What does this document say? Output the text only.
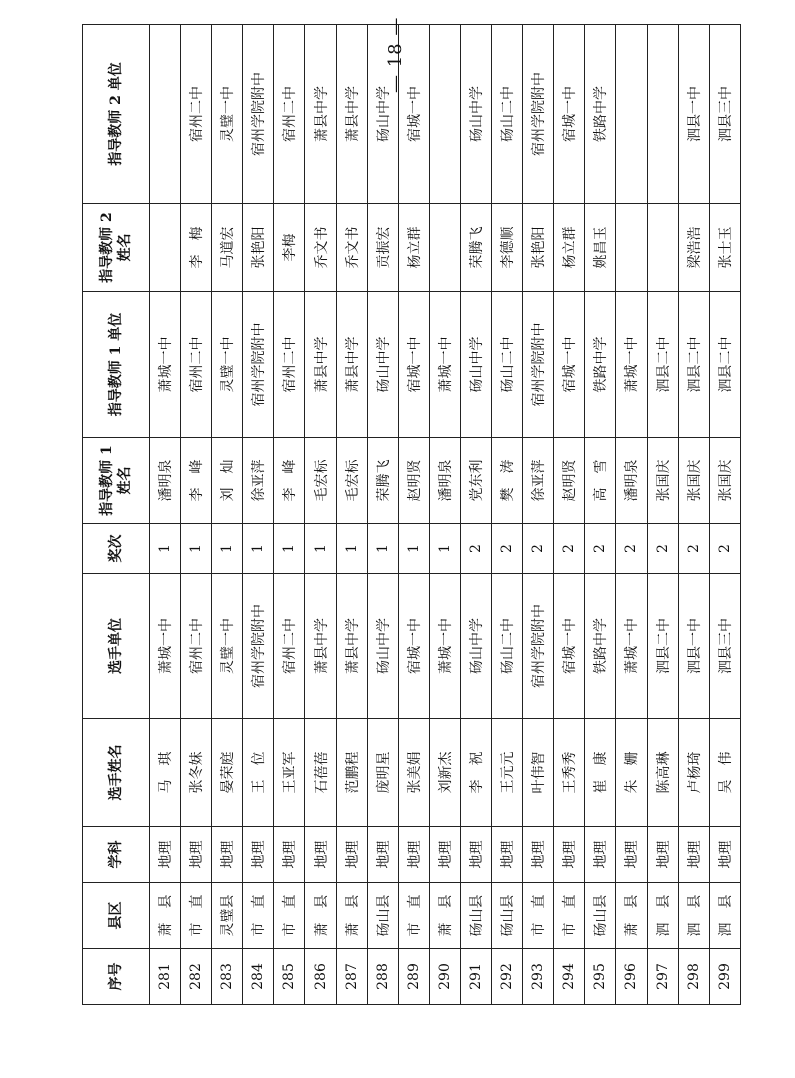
序号	县区	学科	选手姓名	选手单位	奖次	指导教师 1 姓名	指导教师 1 单位	指导教师 2 姓名	指导教师 2 单位
281	萧　县	地理	马　琪	萧城一中	1	潘明泉	萧城一中		
282	市　直	地理	张冬妹	宿州二中	1	李　峰	宿州二中	李　梅	宿州二中
283	灵璧县	地理	晏荣庭	灵璧一中	1	刘　灿	灵璧一中	马道宏	灵璧一中
284	市　直	地理	王　位	宿州学院附中	1	徐亚萍	宿州学院附中	张艳阳	宿州学院附中
285	市　直	地理	王亚军	宿州二中	1	李　峰	宿州二中	李梅	宿州二中
286	萧　县	地理	石蓓蓓	萧县中学	1	毛宏标	萧县中学	乔文书	萧县中学
287	萧　县	地理	范鹏程	萧县中学	1	毛宏标	萧县中学	乔文书	萧县中学
288	砀山县	地理	庞明星	砀山中学	1	荣腾飞	砀山中学	贡振宏	砀山中学
289	市　直	地理	张美娟	宿城一中	1	赵明贤	宿城一中	杨立群	宿城一中
290	萧　县	地理	刘新杰	萧城一中	1	潘明泉	萧城一中		
291	砀山县	地理	李　祝	砀山中学	2	党东利	砀山中学	荣腾飞	砀山中学
292	砀山县	地理	王元元	砀山二中	2	樊　涛	砀山二中	李德顺	砀山二中
293	市　直	地理	叶伟智	宿州学院附中	2	徐亚萍	宿州学院附中	张艳阳	宿州学院附中
294	市　直	地理	王秀秀	宿城一中	2	赵明贤	宿城一中	杨立群	宿城一中
295	砀山县	地理	崔　康	铁路中学	2	高　雪	铁路中学	姚昌玉	铁路中学
296	萧　县	地理	朱　姗	萧城一中	2	潘明泉	萧城一中		
297	泗　县	地理	陈高琳	泗县二中	2	张国庆	泗县二中		
298	泗　县	地理	卢杨琦	泗县一中	2	张国庆	泗县二中	梁浩浩	泗县一中
299	泗　县	地理	吴　伟	泗县三中	2	张国庆	泗县二中	张士玉	泗县三中
— 18 —
